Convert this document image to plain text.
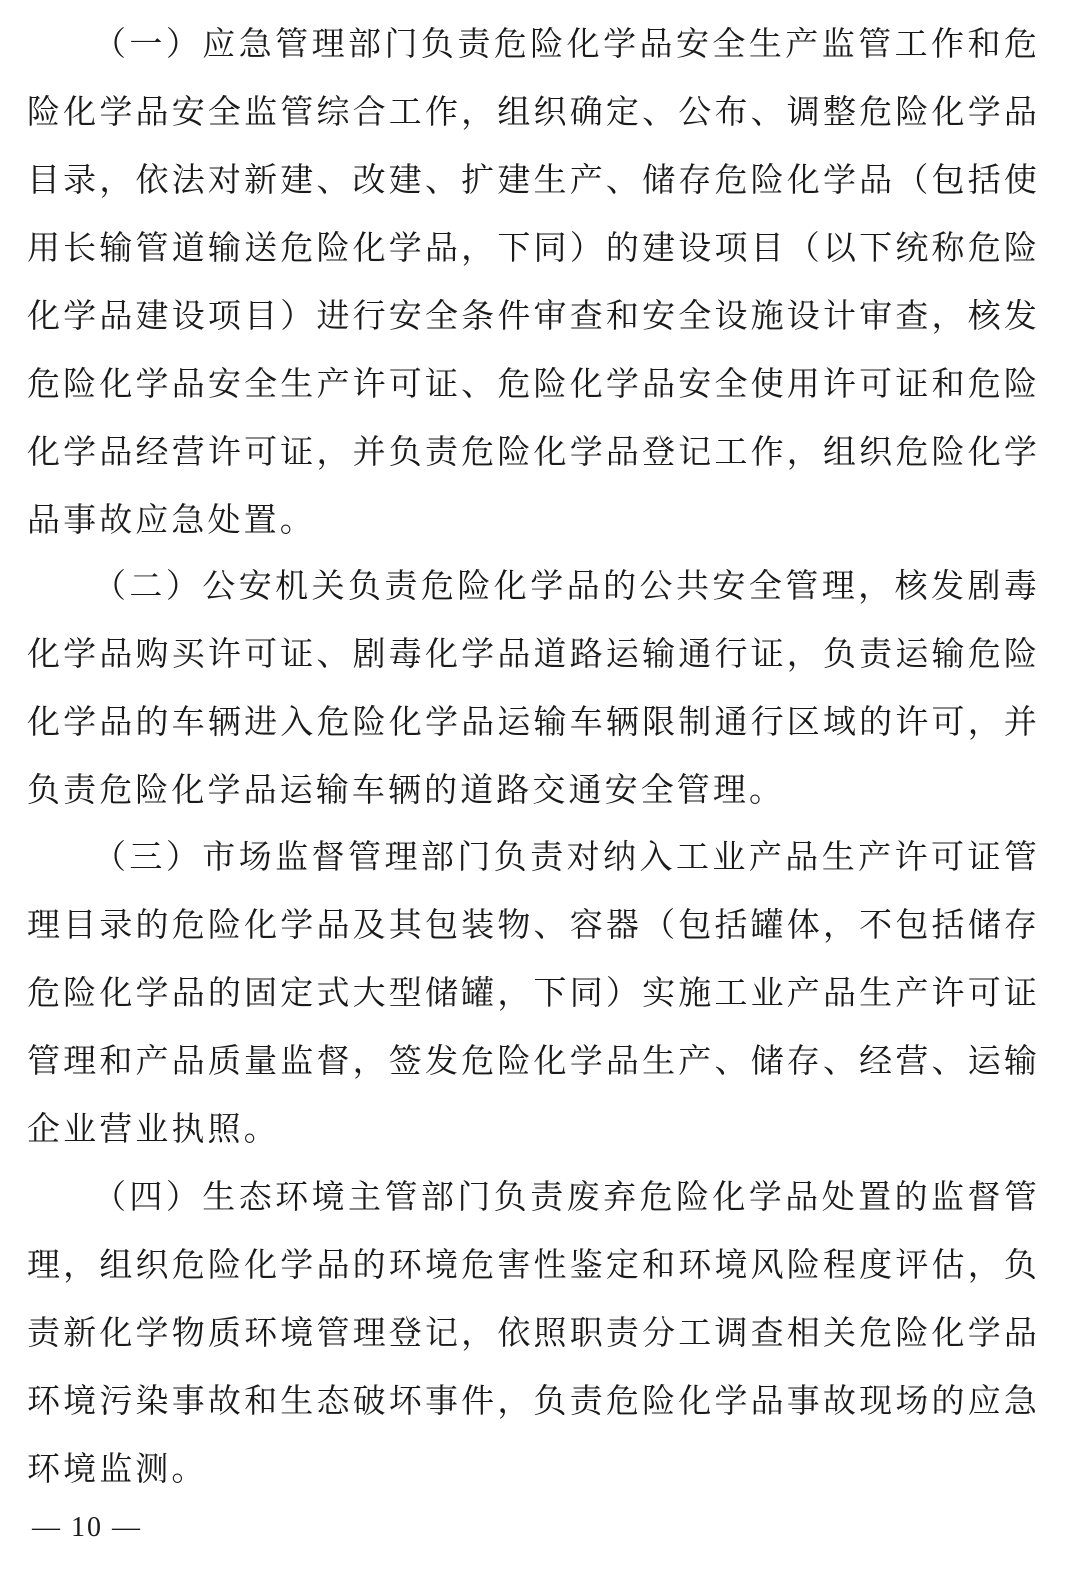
（一）应急管理部门负责危险化学品安全生产监管工作和危险化学品安全监管综合工作，组织确定、公布、调整危险化学品目录，依法对新建、改建、扩建生产、储存危险化学品（包括使用长输管道输送危险化学品，下同）的建设项目（以下统称危险化学品建设项目）进行安全条件审查和安全设施设计审查，核发危险化学品安全生产许可证、危险化学品安全使用许可证和危险化学品经营许可证，并负责危险化学品登记工作，组织危险化学品事故应急处置。

（二）公安机关负责危险化学品的公共安全管理，核发剧毒化学品购买许可证、剧毒化学品道路运输通行证，负责运输危险化学品的车辆进入危险化学品运输车辆限制通行区域的许可，并负责危险化学品运输车辆的道路交通安全管理。

（三）市场监督管理部门负责对纳入工业产品生产许可证管理目录的危险化学品及其包装物、容器（包括罐体，不包括储存危险化学品的固定式大型储罐，下同）实施工业产品生产许可证管理和产品质量监督，签发危险化学品生产、储存、经营、运输企业营业执照。

（四）生态环境主管部门负责废弃危险化学品处置的监督管理，组织危险化学品的环境危害性鉴定和环境风险程度评估，负责新化学物质环境管理登记，依照职责分工调查相关危险化学品环境污染事故和生态破坏事件，负责危险化学品事故现场的应急环境监测。

— 10 —
